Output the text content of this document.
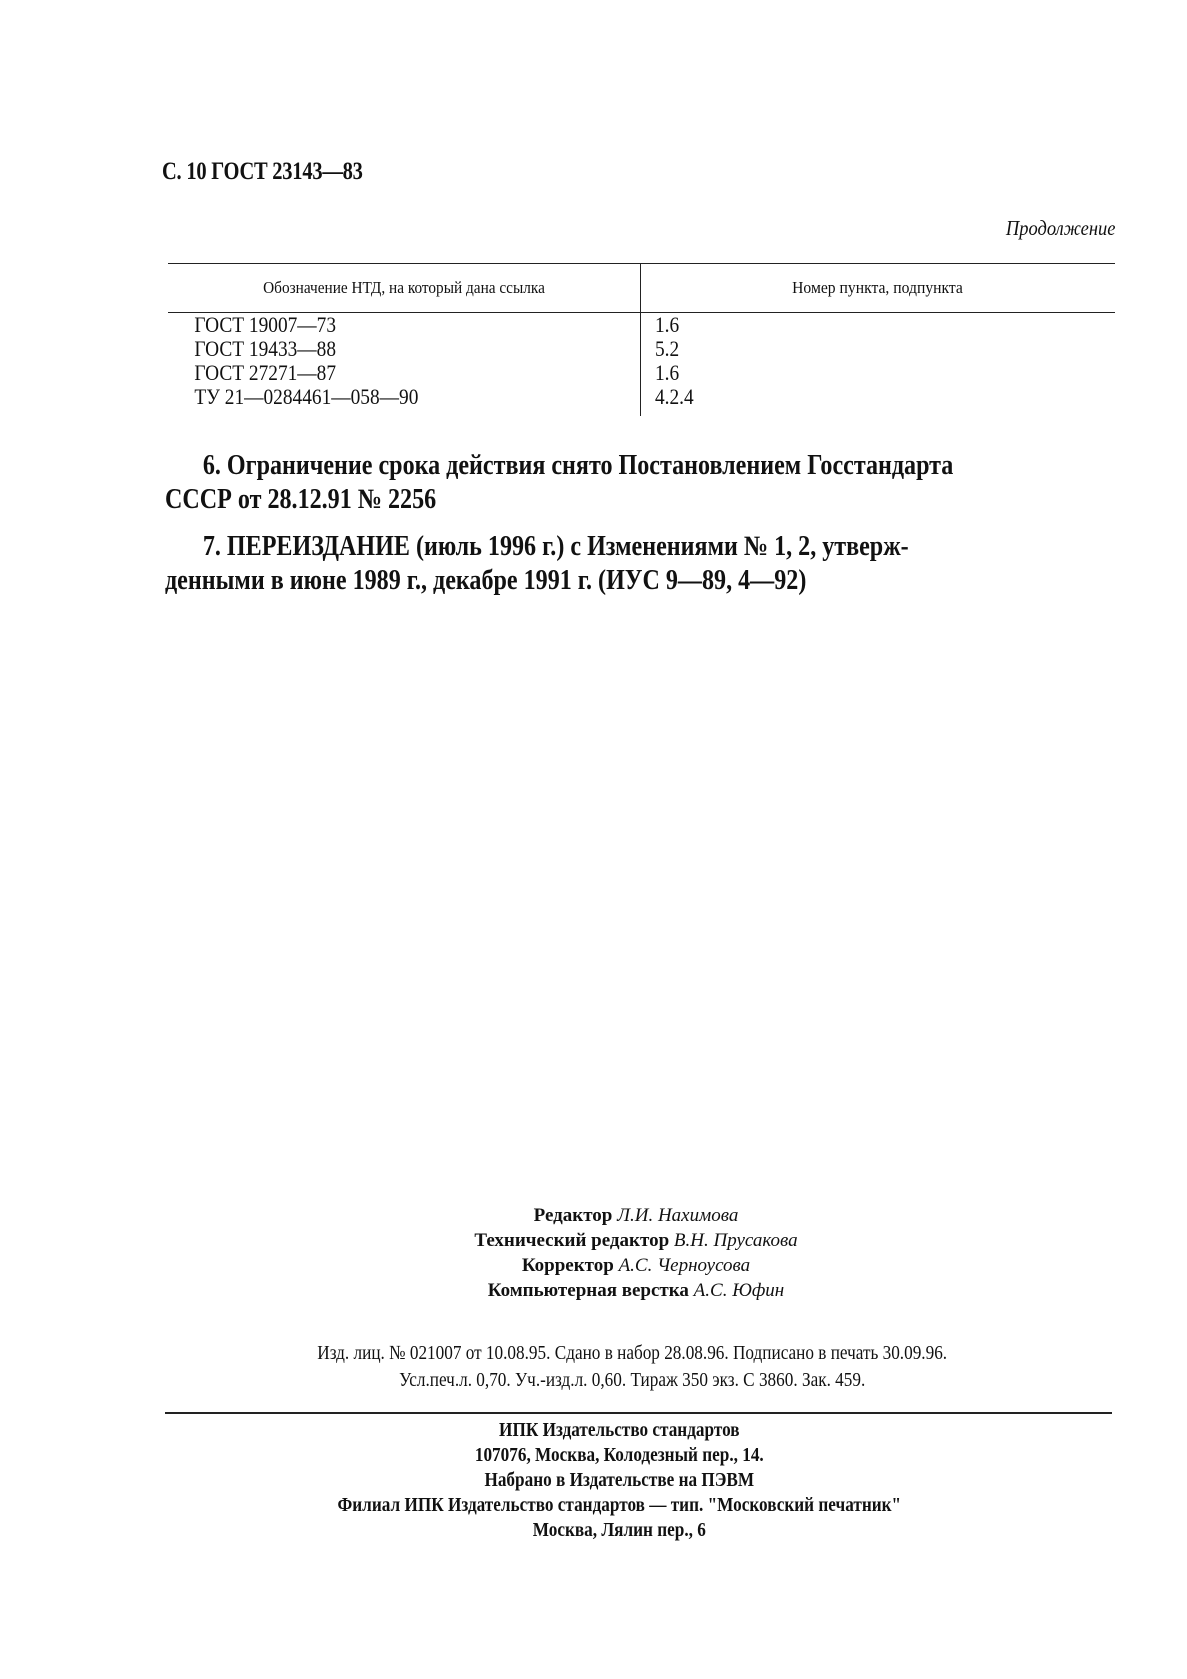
С. 10 ГОСТ 23143—83
Продолжение
Обозначение НТД, на который дана ссылка	Номер пункта, подпункта
ГОСТ 19007—73	1.6
ГОСТ 19433—88	5.2
ГОСТ 27271—87	1.6
ТУ 21—0284461—058—90	4.2.4
6. Ограничение срока действия снято Постановлением Госстандарта
СССР от 28.12.91 № 2256
7. ПЕРЕИЗДАНИЕ (июль 1996 г.) с Изменениями № 1, 2, утверж-
денными в июне 1989 г., декабре 1991 г. (ИУС 9—89, 4—92)
Редактор Л.И. Нахимова
Технический редактор В.Н. Прусакова
Корректор А.С. Черноусова
Компьютерная верстка А.С. Юфин
Изд. лиц. № 021007 от 10.08.95. Сдано в набор 28.08.96. Подписано в печать 30.09.96.
Усл.печ.л. 0,70. Уч.-изд.л. 0,60. Тираж 350 экз. С 3860. Зак. 459.
ИПК Издательство стандартов
107076, Москва, Колодезный пер., 14.
Набрано в Издательстве на ПЭВМ
Филиал ИПК Издательство стандартов — тип. "Московский печатник"
Москва, Лялин пер., 6
